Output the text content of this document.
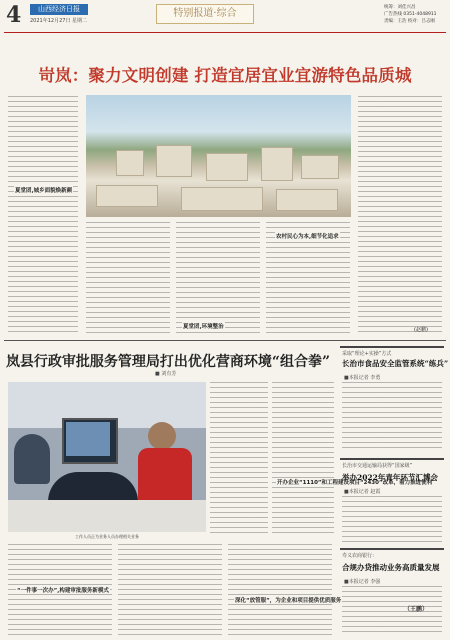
4	山西经济日报
2021年12月27日 星期二
特别报道·综合
统筹：刘佳兴昌
广告热线 0351-4048911
责编：王浩 校对：吕志刚
岢岚：聚力文明创建 打造宜居宜业宜游特色品质城
夏堂团,城乡面貌焕新颜
夏堂团,环境整治
农村民心为本,细节化追求
(赵鹏)
岚县行政审批服务管理局打出优化营商环境“组合拳”
■ 刘有芳
工作人员正为业务人员办理相关业务
开办企业“1110”和工程建设项目“2430”改革，着力推进便利
“一件事一次办”,构建审批服务新模式
深化“放管服”，为企业和项目提供优质服务
采取“理论+实操”方式
长治市食品安全监管系统“练兵”
■本报记者 李勇
长治市交通运输局获得“国家级”
举办2022年青年环节汇博会
■本报记者 赵霞
寿义农商银行：
合规办贷推动业务高质量发展
■本报记者 李强
（王鹏）
